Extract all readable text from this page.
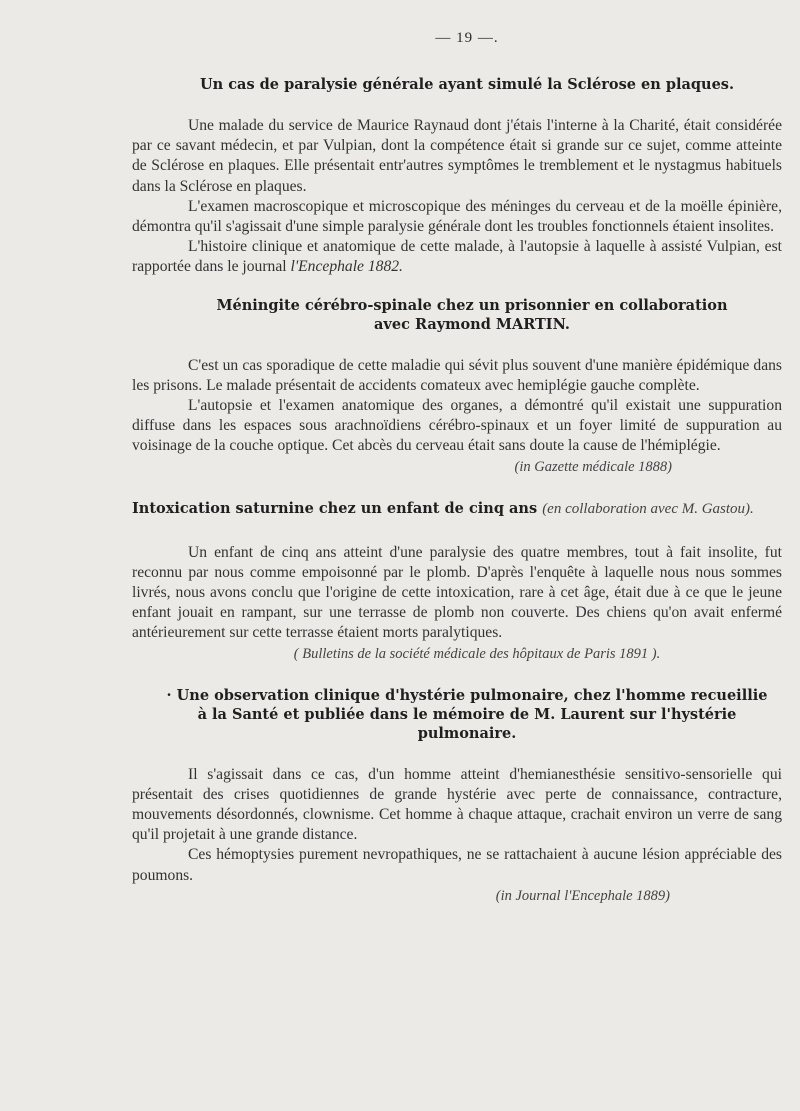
— 19 —.
Un cas de paralysie générale ayant simulé la Sclérose en plaques.

Une malade du service de Maurice Raynaud dont j'étais l'interne à la Charité, était considérée par ce savant médecin, et par Vulpian, dont la compétence était si grande sur ce sujet, comme atteinte de Sclérose en plaques. Elle présentait entr'autres symptômes le tremblement et le nystagmus habituels dans la Sclérose en plaques.

L'examen macroscopique et microscopique des méninges du cerveau et de la moëlle épinière, démontra qu'il s'agissait d'une simple paralysie générale dont les troubles fonctionnels étaient insolites.

L'histoire clinique et anatomique de cette malade, à l'autopsie à laquelle à assisté Vulpian, est rapportée dans le journal l'Encephale 1882.

Méningite cérébro-spinale chez un prisonnier en collaboration
avec Raymond MARTIN.

C'est un cas sporadique de cette maladie qui sévit plus souvent d'une manière épidémique dans les prisons. Le malade présentait de accidents comateux avec hemiplégie gauche complète.

L'autopsie et l'examen anatomique des organes, a démontré qu'il existait une suppuration diffuse dans les espaces sous arachnoïdiens cérébro-spinaux et un foyer limité de suppuration au voisinage de la couche optique. Cet abcès du cerveau était sans doute la cause de l'hémiplégie.

(in Gazette médicale 1888)

Intoxication saturnine chez un enfant de cinq ans (en collaboration avec M. Gastou).

Un enfant de cinq ans atteint d'une paralysie des quatre membres, tout à fait insolite, fut reconnu par nous comme empoisonné par le plomb. D'après l'enquête à laquelle nous nous sommes livrés, nous avons conclu que l'origine de cette intoxication, rare à cet âge, était due à ce que le jeune enfant jouait en rampant, sur une terrasse de plomb non couverte. Des chiens qu'on avait enfermé antérieurement sur cette terrasse étaient morts paralytiques.

( Bulletins de la société médicale des hôpitaux de Paris 1891 ).

· Une observation clinique d'hystérie pulmonaire, chez l'homme recueillie
à la Santé et publiée dans le mémoire de M. Laurent sur l'hystérie pulmonaire.

Il s'agissait dans ce cas, d'un homme atteint d'hemianesthésie sensitivo-sensorielle qui présentait des crises quotidiennes de grande hystérie avec perte de connaissance, contracture, mouvements désordonnés, clownisme. Cet homme à chaque attaque, crachait environ un verre de sang qu'il projetait à une grande distance.

Ces hémoptysies purement nevropathiques, ne se rattachaient à aucune lésion appréciable des poumons.

(in Journal l'Encephale 1889)
